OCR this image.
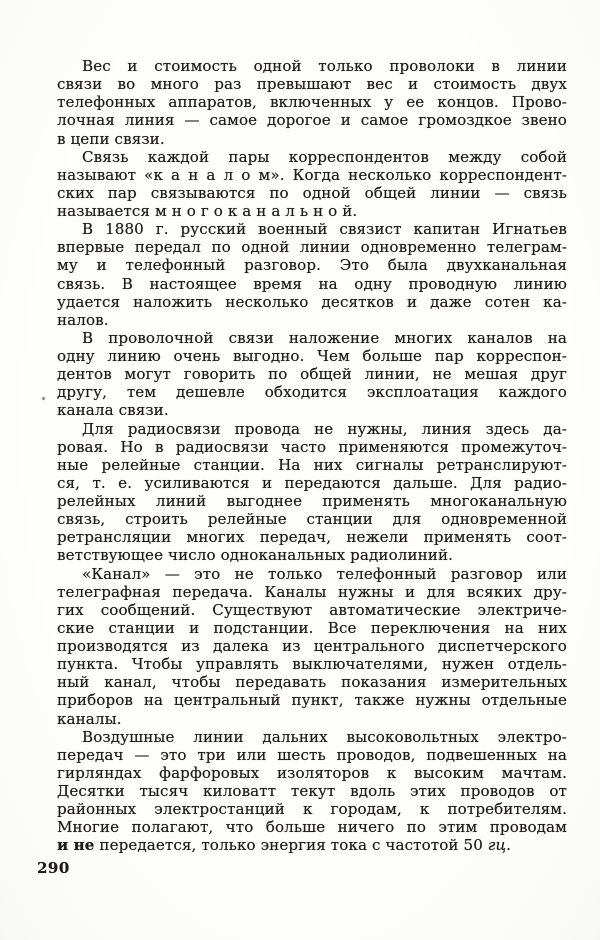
Вес и стоимость одной только проволоки в линии
связи во много раз превышают вес и стоимость двух
телефонных аппаратов, включенных у ее концов. Прово-
лочная линия — самое дорогое и самое громоздкое звено
в цепи связи.
Связь каждой пары корреспондентов между собой
называют «к а н а л о м». Когда несколько корреспондент-
ских пар связываются по одной общей линии — связь
называется м н о г о к а н а л ь н о й.
В 1880 г. русский военный связист капитан Игнатьев
впервые передал по одной линии одновременно телеграм-
му и телефонный разговор. Это была двухканальная
связь. В настоящее время на одну проводную линию
удается наложить несколько десятков и даже сотен ка-
налов.
В проволочной связи наложение многих каналов на
одну линию очень выгодно. Чем больше пар корреспон-
дентов могут говорить по общей линии, не мешая друг
другу, тем дешевле обходится эксплоатация каждого
канала связи.
Для радиосвязи провода не нужны, линия здесь да-
ровая. Но в радиосвязи часто применяются промежуточ-
ные релейные станции. На них сигналы ретранслируют-
ся, т. е. усиливаются и передаются дальше. Для радио-
релейных линий выгоднее применять многоканальную
связь, строить релейные станции для одновременной
ретрансляции многих передач, нежели применять соот-
ветствующее число одноканальных радиолиний.
«Канал» — это не только телефонный разговор или
телеграфная передача. Каналы нужны и для всяких дру-
гих сообщений. Существуют автоматические электриче-
ские станции и подстанции. Все переключения на них
производятся из далека из центрального диспетчерского
пункта. Чтобы управлять выключателями, нужен отдель-
ный канал, чтобы передавать показания измерительных
приборов на центральный пункт, также нужны отдельные
каналы.
Воздушные линии дальних высоковольтных электро-
передач — это три или шесть проводов, подвешенных на
гирляндах фарфоровых изоляторов к высоким мачтам.
Десятки тысяч киловатт текут вдоль этих проводов от
районных электростанций к городам, к потребителям.
Многие полагают, что больше ничего по этим проводам
и не передается, только энергия тока с частотой 50 гц.
290
